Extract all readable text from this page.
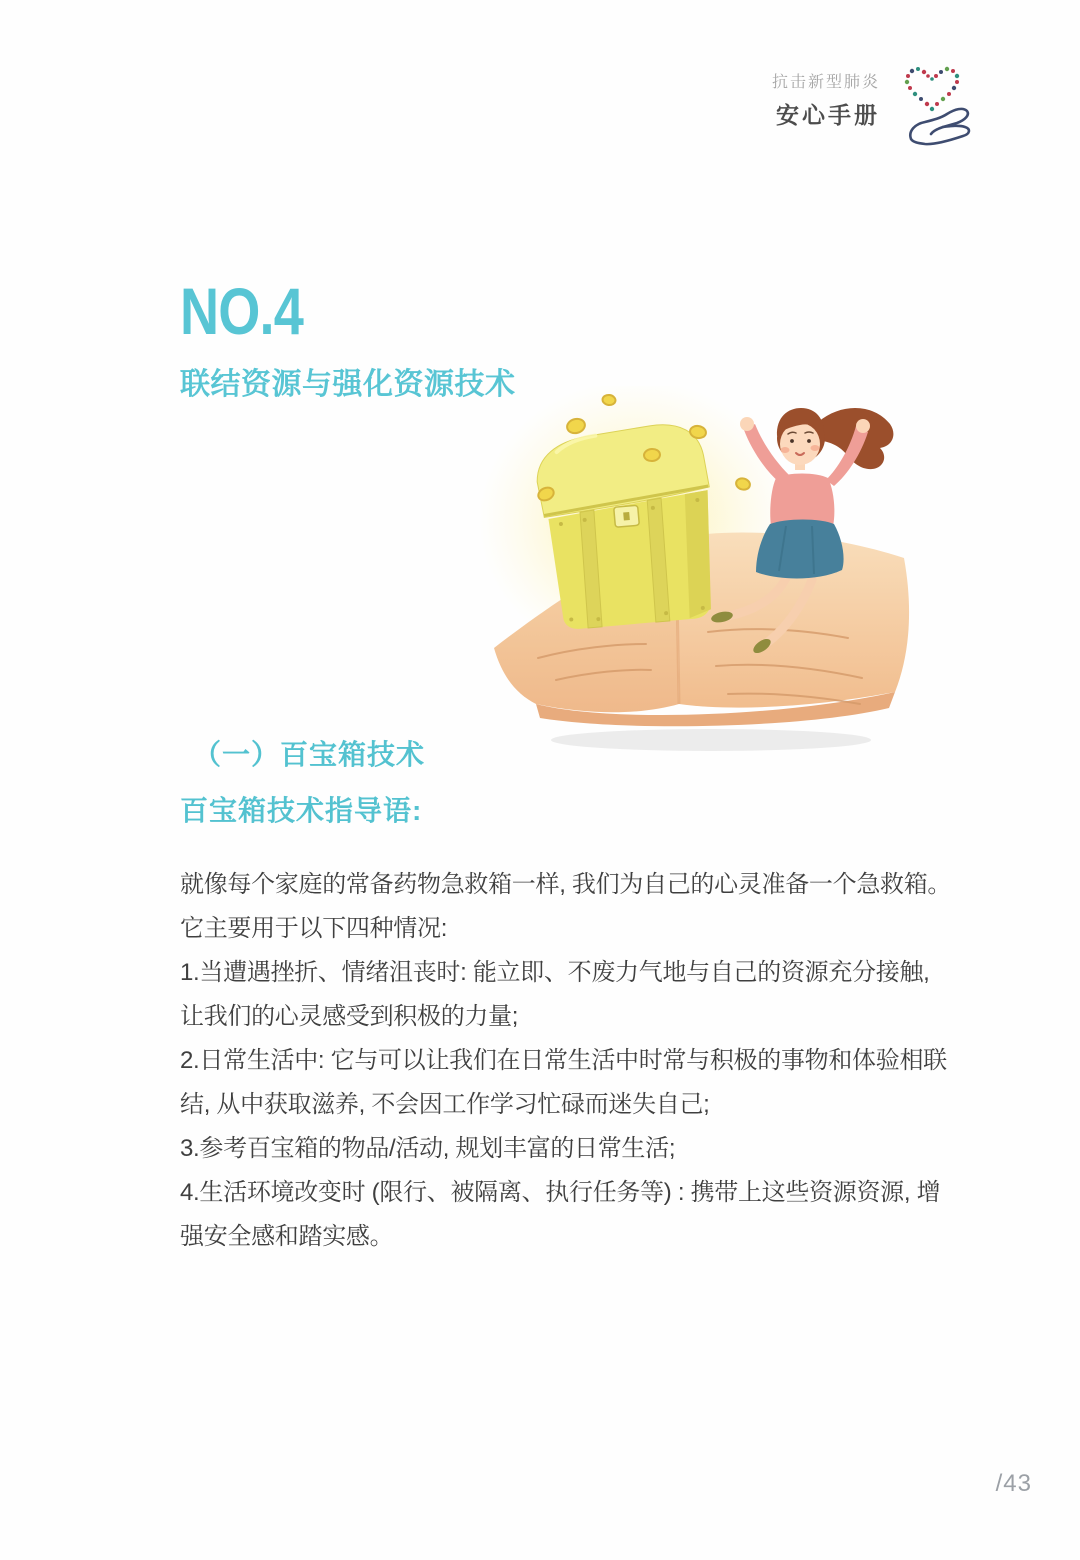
抗击新型肺炎
安心手册
NO.4
联结资源与强化资源技术
（一）百宝箱技术
百宝箱技术指导语:

就像每个家庭的常备药物急救箱一样, 我们为自己的心灵准备一个急救箱。

它主要用于以下四种情况:

1.当遭遇挫折、情绪沮丧时: 能立即、不废力气地与自己的资源充分接触, 让我们的心灵感受到积极的力量;

2.日常生活中: 它与可以让我们在日常生活中时常与积极的事物和体验相联结, 从中获取滋养, 不会因工作学习忙碌而迷失自己;

3.参考百宝箱的物品/活动, 规划丰富的日常生活;

4.生活环境改变时 (限行、被隔离、执行任务等) : 携带上这些资源资源, 增强安全感和踏实感。

/43
